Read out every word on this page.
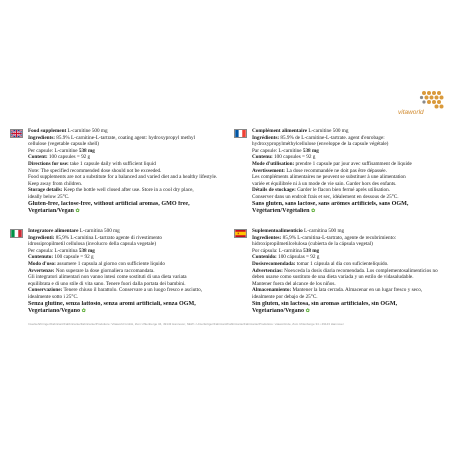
vitaworld
Food supplement L-carnitine 500 mg
Ingredients: 85.9% L-carnitine-L-tartrate, coating agent: hydroxypropyl methyl
cellulose (vegetable capsule shell)
Per capsule: L-carnitine 538 mg
Content: 100 capsules = 92 g
Directions for use: take 1 capsule daily with sufficient liquid
Note: The specified recommended dose should not be exceeded.
Food supplements are not a substitute for a balanced and varied diet and a healthy lifestyle.
Keep away from children.
Storage details: Keep the bottle well closed after use. Store in a cool dry place,
ideally below 25°C.
Gluten-free, lactose-free, without artificial aromas, GMO free,
Vegetarian/Vegan ✿
Complément alimentaire L-carnitine 500 mg
Ingrédients: 85.9% de L-carnitine-L-tartrate. agent d'enrobage:
hydroxypropylméthylcellulose (enveloppe de la capsule végétale)
Par capsule: L-carnitine 538 mg
Contenu: 100 capsules = 92 g
Mode d'utilisation: prendre 1 capsule par jour avec suffisamment de liquide
Avertissement: La dose recommandée ne doit pas être dépassée.
Les compléments alimentaires ne peuvent se substituer à une alimentation
variée et équilibrée ni à un mode de vie sain. Garder hors des enfants.
Détails de stockage: Garder le flacon bien fermé après utilisation.
Conserver dans un endroit frais et sec, idéalement en dessous de 25°C.
Sans gluten, sans lactose, sans arômes artificiels, sans OGM,
Végétarien/Végétalien ✿
Integratore alimentare L-carnitina 500 mg
Ingredienti: 85,9% L-carnitina L-tartrato agente di rivestimento
idrossipropilmetil cellulosa (involucro della capsula vegetale)
Per capsula: L-carnitina 538 mg
Contenuto: 100 capsule = 92 g
Modo d'uso: assumere 1 capsula al giorno con sufficiente liquido
Avvertenze: Non superare la dose giornaliera raccomandata.
Gli integratori alimentari non vanno intesi come sostituti di una dieta variata
equilibrata e di uno stile di vita sano. Tenere fuori dalla portata dei bambini.
Conservazione: Tenere chiuso il barattolo. Conservare a un luogo fresco e asciutto,
idealmente sotto i 25°C.
Senza glutine, senza lattosio, senza aromi artificiali, senza OGM,
Vegetariano/Vegano ✿
Suplementoalimenticio L-carnitina 500 mg
Ingredientes: 85,9% L-carnitina-L-tartrato, agente de recubrimiento:
hidroxipropilmetilcelulosa (cubierta de la cápsula vegetal)
Por cápsula: L-carnitina 538 mg
Contenido: 100 cápsulas = 92 g
Dosisrecomendada: tomar 1 cápsula al día con suficientelíquido.
Advertencias: Noexceda la dosis diaria recomendada. Los complementosalimenticios no
deben usarse como sustituto de una dieta variada y un estilo de vidasaludable.
Mantener fuera del alcance de los niños.
Almacenamiento: Mantener la lata cerrada. Almacenar en un lugar fresco y seco,
idealmente por debajo de 25°C.
Sin gluten, sin lactosa, sin aromas artificiales, sin OGM,
Vegetariano/Vegano ✿
Inverkehrbringer/Fabricant/Fabbricante/Fabricante/Produttore: Vitaworld GmbH, Zum Uhlenberge 34, 49143 Hannover, NEW • Unterfertiger/Fabricant/Fabbricante/Fabricante/Produttore: vitaworld.de, Zum Uhlenberge 34 • 49143 Hannover
